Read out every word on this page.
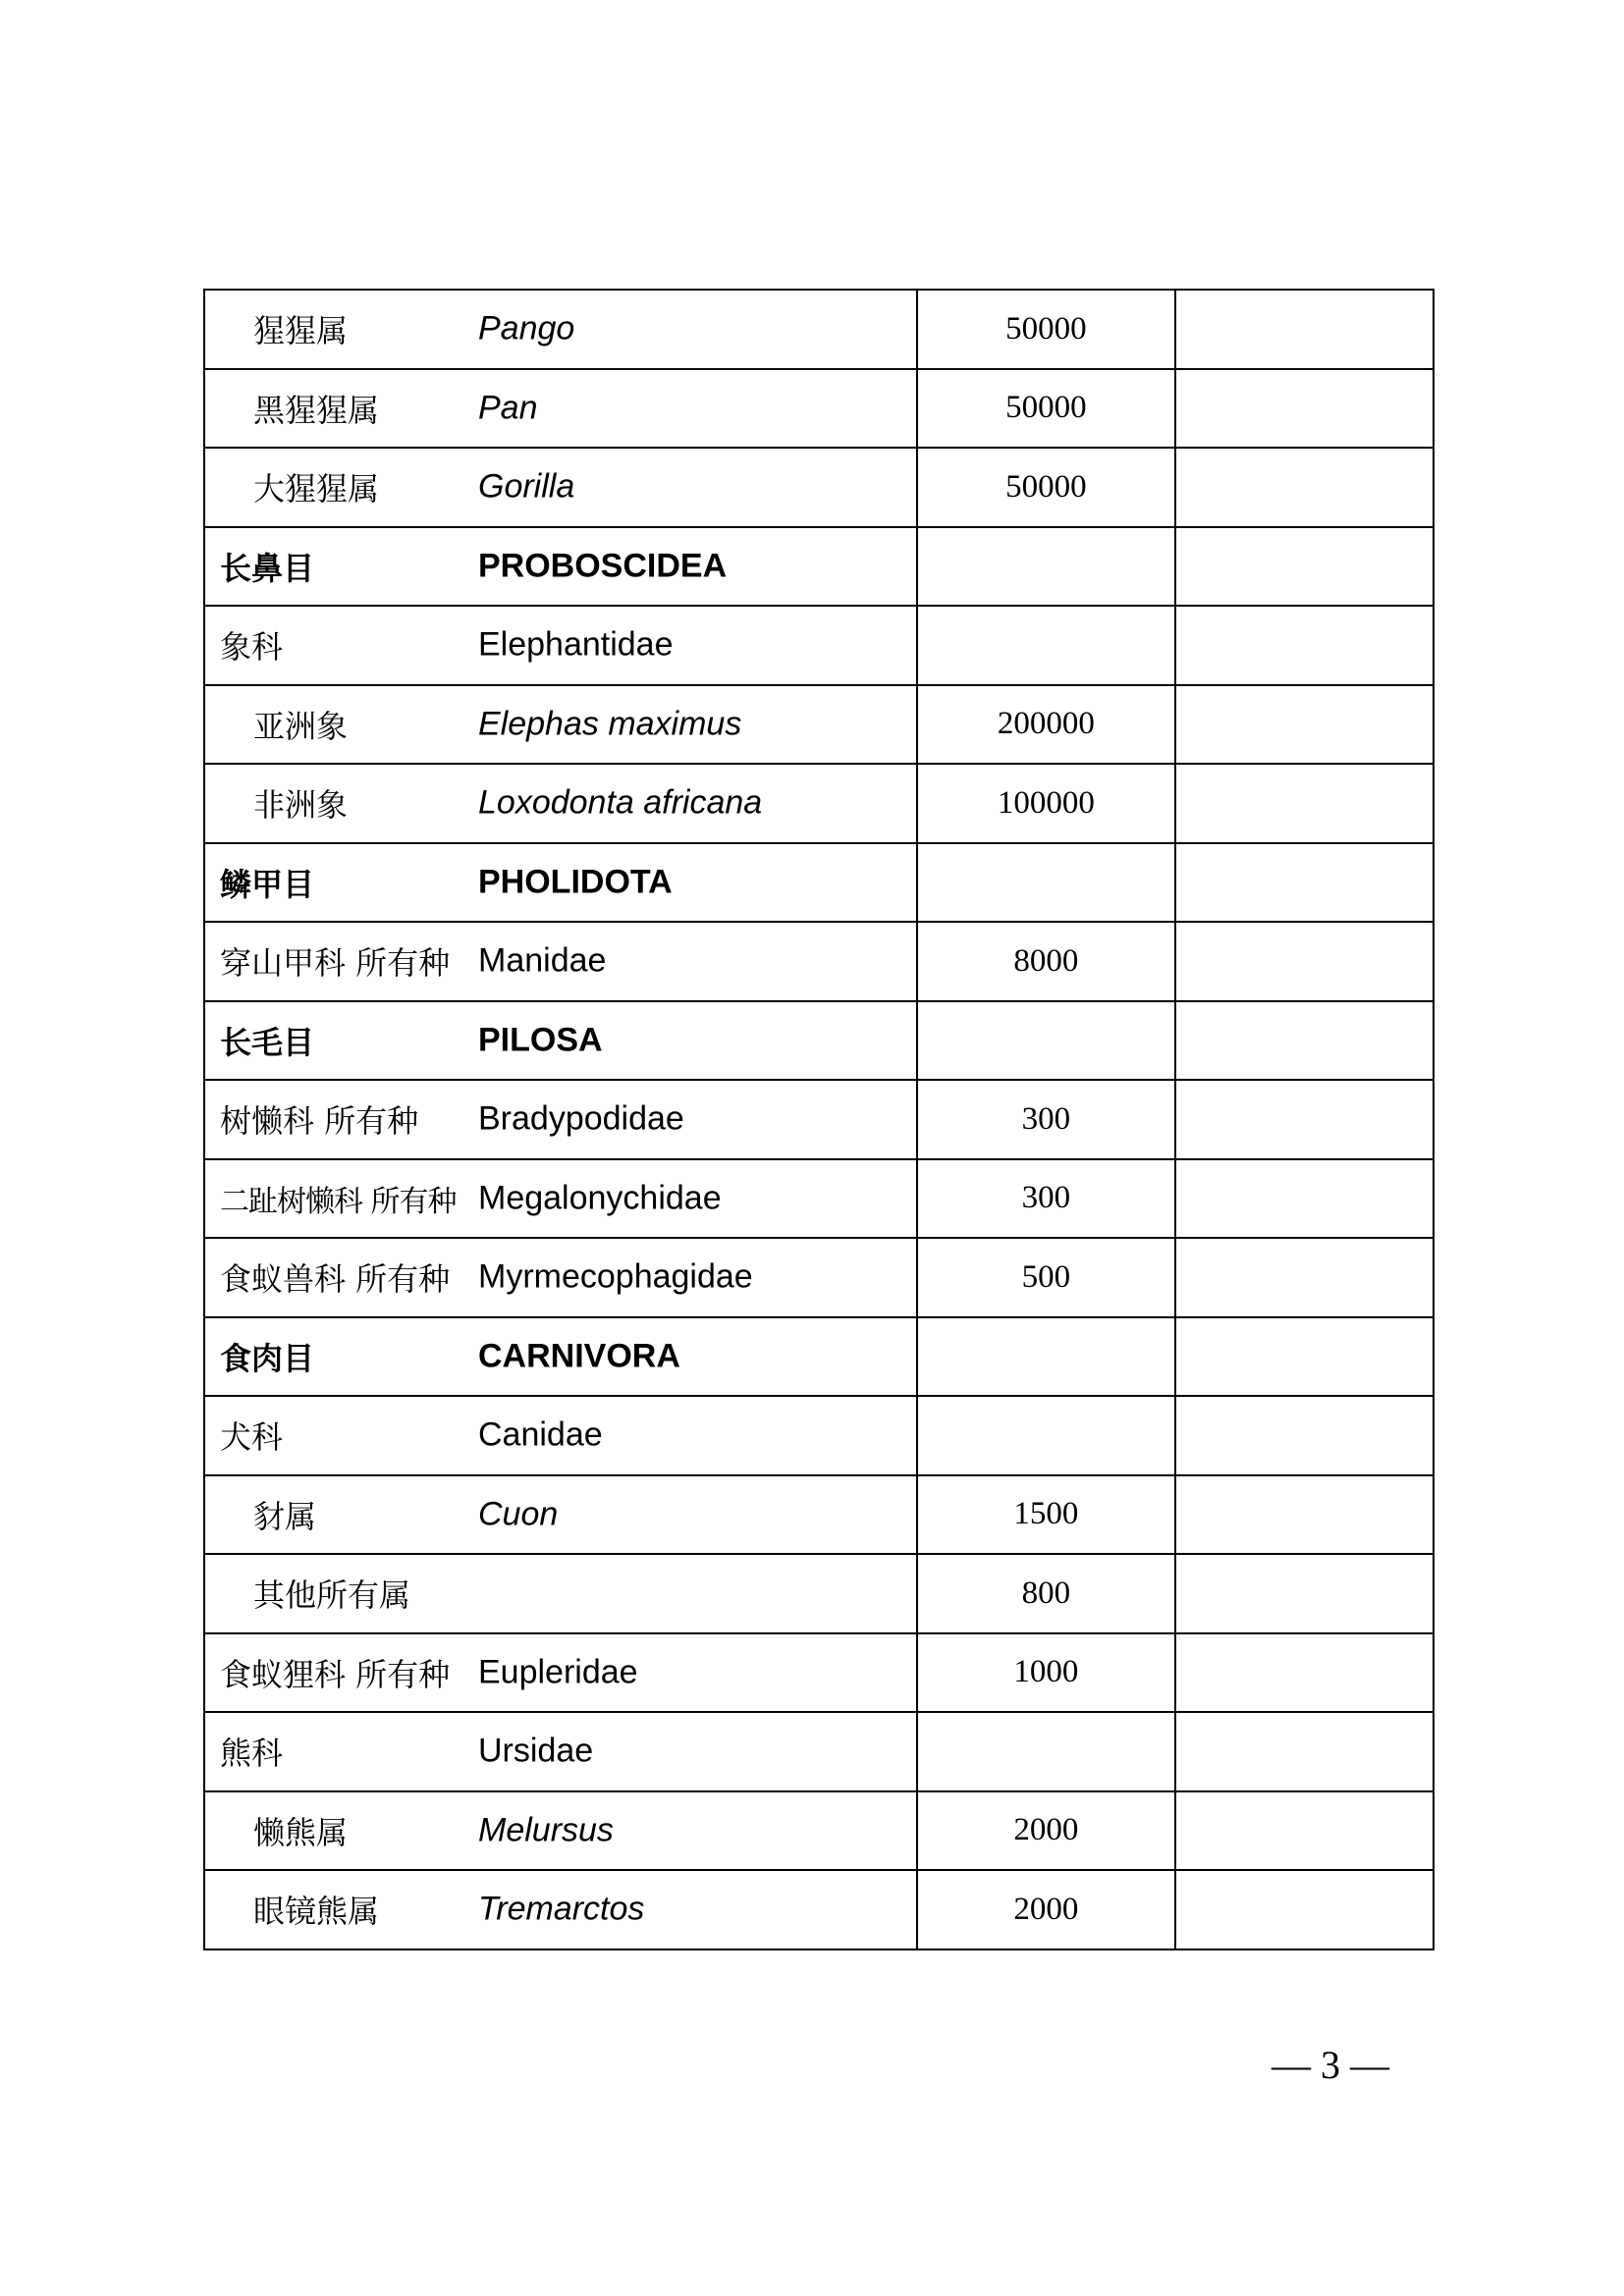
猩猩属 Pango	50000	

黑猩猩属 Pan	50000	

大猩猩属 Gorilla	50000	

长鼻目 PROBOSCIDEA		

象科 Elephantidae		

亚洲象 Elephas maximus	200000	

非洲象 Loxodonta africana	100000	

鳞甲目 PHOLIDOTA		

穿山甲科 所有种 Manidae	8000	

长毛目 PILOSA		

树懒科 所有种 Bradypodidae	300	

二趾树懒科 所有种 Megalonychidae	300	

食蚁兽科 所有种 Myrmecophagidae	500	

食肉目 CARNIVORA		

犬科 Canidae		

豺属 Cuon	1500	

其他所有属	800	

食蚁狸科 所有种 Eupleridae	1000	

熊科 Ursidae		

懒熊属 Melursus	2000	

眼镜熊属 Tremarctos	2000	
— 3 —
